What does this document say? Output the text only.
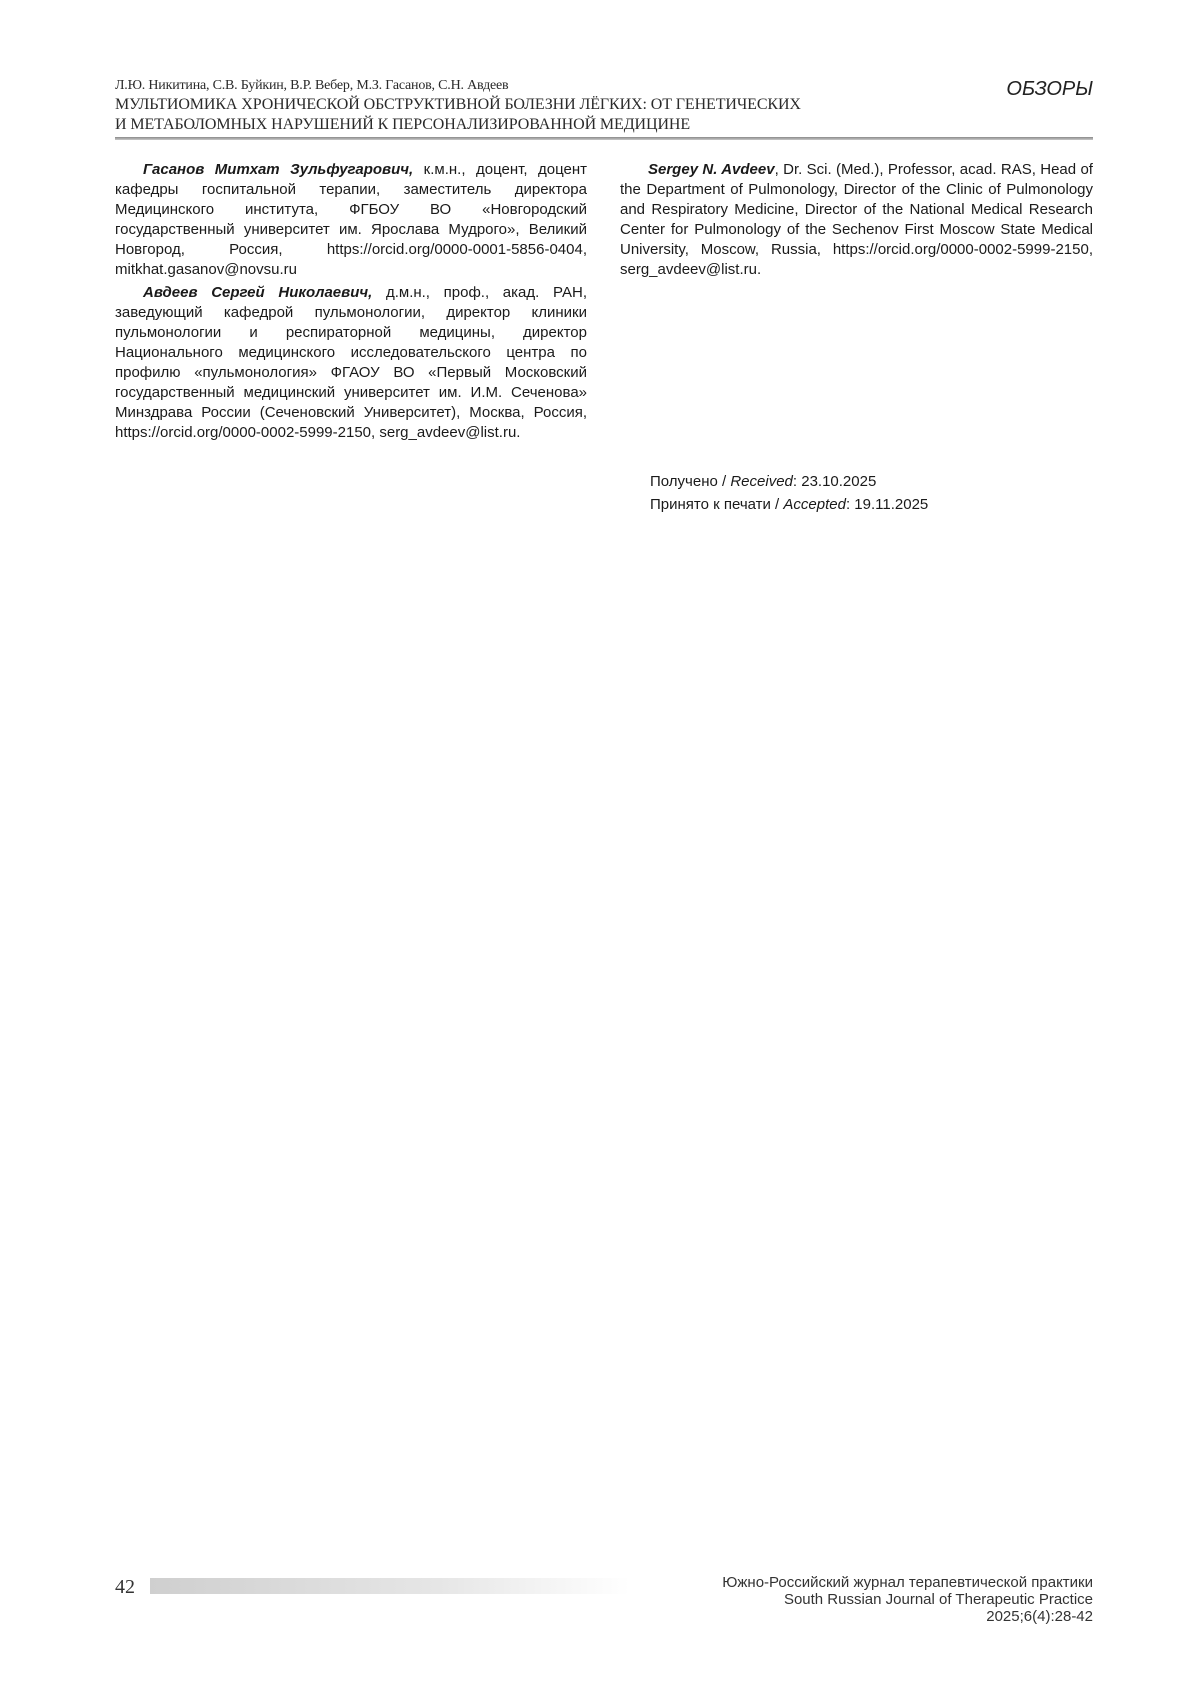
Л.Ю. Никитина, С.В. Буйкин, В.Р. Вебер, М.З. Гасанов, С.Н. Авдеев
МУЛЬТИОМИКА ХРОНИЧЕСКОЙ ОБСТРУКТИВНОЙ БОЛЕЗНИ ЛЁГКИХ: ОТ ГЕНЕТИЧЕСКИХ
И МЕТАБОЛОМНЫХ НАРУШЕНИЙ К ПЕРСОНАЛИЗИРОВАННОЙ МЕДИЦИНЕ
ОБЗОРЫ

Гасанов Митхат Зульфугарович, к.м.н., доцент, доцент кафедры госпитальной терапии, заместитель директора Медицинского института, ФГБОУ ВО «Новгородский государственный университет им. Ярослава Мудрого», Великий Новгород, Россия, https://orcid.org/0000-0001-5856-0404, mitkhat.gasanov@novsu.ru

Авдеев Сергей Николаевич, д.м.н., проф., акад. РАН, заведующий кафедрой пульмонологии, директор клиники пульмонологии и респираторной медицины, директор Национального медицинского исследовательского центра по профилю «пульмонология» ФГАОУ ВО «Первый Московский государственный медицинский университет им. И.М. Сеченова» Минздрава России (Сеченовский Университет), Москва, Россия, https://orcid.org/0000-0002-5999-2150, serg_avdeev@list.ru.

Sergey N. Avdeev, Dr. Sci. (Med.), Professor, acad. RAS, Head of the Department of Pulmonology, Director of the Clinic of Pulmonology and Respiratory Medicine, Director of the National Medical Research Center for Pulmonology of the Sechenov First Moscow State Medical University, Moscow, Russia, https://orcid.org/0000-0002-5999-2150, serg_avdeev@list.ru.

Получено / Received: 23.10.2025
Принято к печати / Accepted: 19.11.2025
42	Южно-Российский журнал терапевтической практики
South Russian Journal of Therapeutic Practice
2025;6(4):28-42
